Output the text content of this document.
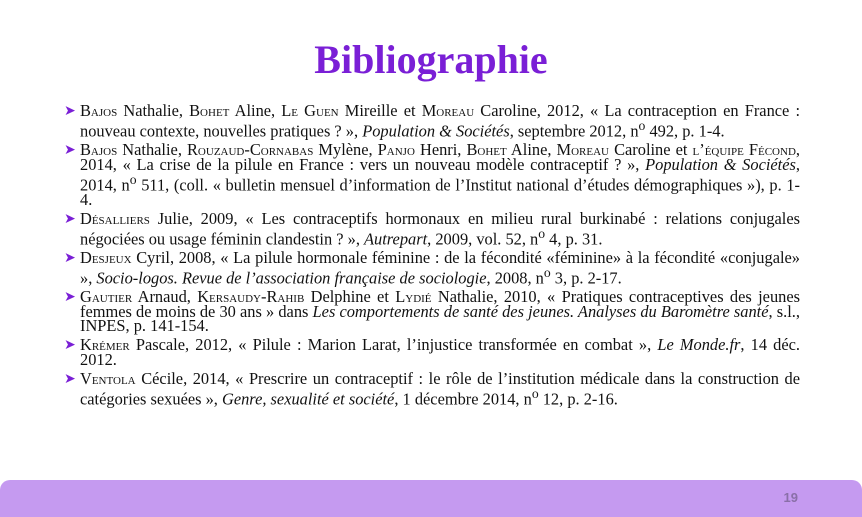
Bibliographie
➤ Bajos Nathalie, Bohet Aline, Le Guen Mireille et Moreau Caroline, 2012, « La contraception en France : nouveau contexte, nouvelles pratiques ? », Population & Sociétés, septembre 2012, $n^o$ 492, p. 1-4.
➤ Bajos Nathalie, Rouzaud-Cornabas Mylène, Panjo Henri, Bohet Aline, Moreau Caroline et l’équipe Fécond, 2014, « La crise de la pilule en France : vers un nouveau modèle contraceptif ? », Population & Sociétés, 2014, $n^o$ 511, (coll. « bulletin mensuel d’information de l’Institut national d’études démographiques »), p. 1-4.
➤ Désalliers Julie, 2009, « Les contraceptifs hormonaux en milieu rural burkinabé : relations conjugales négociées ou usage féminin clandestin ? », Autrepart, 2009, vol. 52, $n^o$ 4, p. 31.
➤ Desjeux Cyril, 2008, « La pilule hormonale féminine : de la fécondité «féminine» à la fécondité «conjugale» », Socio-logos. Revue de l’association française de sociologie, 2008, $n^o$ 3, p. 2-17.
➤ Gautier Arnaud, Kersaudy-Rahib Delphine et Lydié Nathalie, 2010, « Pratiques contraceptives des jeunes femmes de moins de 30 ans » dans Les comportements de santé des jeunes. Analyses du Baromètre santé, s.l., INPES, p. 141-154.
➤ Krémer Pascale, 2012, « Pilule : Marion Larat, l’injustice transformée en combat », Le Monde.fr, 14 déc. 2012.
➤ Ventola Cécile, 2014, « Prescrire un contraceptif : le rôle de l’institution médicale dans la construction de catégories sexuées », Genre, sexualité et société, 1 décembre 2014, $n^o$ 12, p. 2-16.
19
